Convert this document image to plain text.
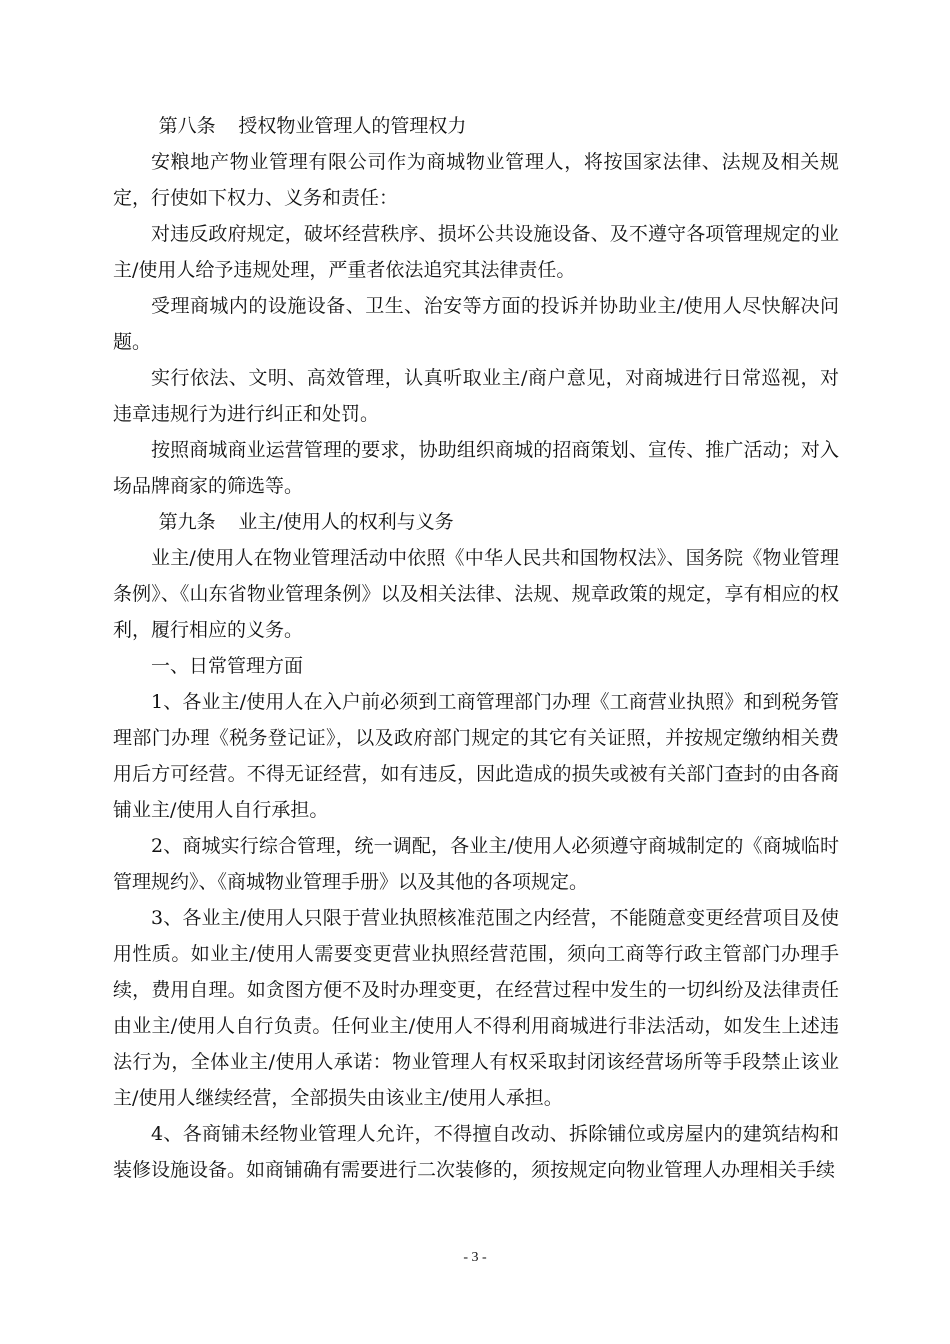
第八条 授权物业管理人的管理权力

安粮地产物业管理有限公司作为商城物业管理人，将按国家法律、法规及相关规定，行使如下权力、义务和责任：

对违反政府规定，破坏经营秩序、损坏公共设施设备、及不遵守各项管理规定的业主/使用人给予违规处理，严重者依法追究其法律责任。

受理商城内的设施设备、卫生、治安等方面的投诉并协助业主/使用人尽快解决问题。

实行依法、文明、高效管理，认真听取业主/商户意见，对商城进行日常巡视，对违章违规行为进行纠正和处罚。

按照商城商业运营管理的要求，协助组织商城的招商策划、宣传、推广活动；对入场品牌商家的筛选等。

第九条 业主/使用人的权利与义务

业主/使用人在物业管理活动中依照《中华人民共和国物权法》、国务院《物业管理条例》、《山东省物业管理条例》以及相关法律、法规、规章政策的规定，享有相应的权利，履行相应的义务。

一、日常管理方面

1、各业主/使用人在入户前必须到工商管理部门办理《工商营业执照》和到税务管理部门办理《税务登记证》，以及政府部门规定的其它有关证照，并按规定缴纳相关费用后方可经营。不得无证经营，如有违反，因此造成的损失或被有关部门查封的由各商铺业主/使用人自行承担。

2、商城实行综合管理，统一调配，各业主/使用人必须遵守商城制定的《商城临时管理规约》、《商城物业管理手册》以及其他的各项规定。

3、各业主/使用人只限于营业执照核准范围之内经营，不能随意变更经营项目及使用性质。如业主/使用人需要变更营业执照经营范围，须向工商等行政主管部门办理手续，费用自理。如贪图方便不及时办理变更，在经营过程中发生的一切纠纷及法律责任由业主/使用人自行负责。任何业主/使用人不得利用商城进行非法活动，如发生上述违法行为，全体业主/使用人承诺：物业管理人有权采取封闭该经营场所等手段禁止该业主/使用人继续经营，全部损失由该业主/使用人承担。

4、各商铺未经物业管理人允许，不得擅自改动、拆除铺位或房屋内的建筑结构和装修设施设备。如商铺确有需要进行二次装修的，须按规定向物业管理人办理相关手续

- 3 -
